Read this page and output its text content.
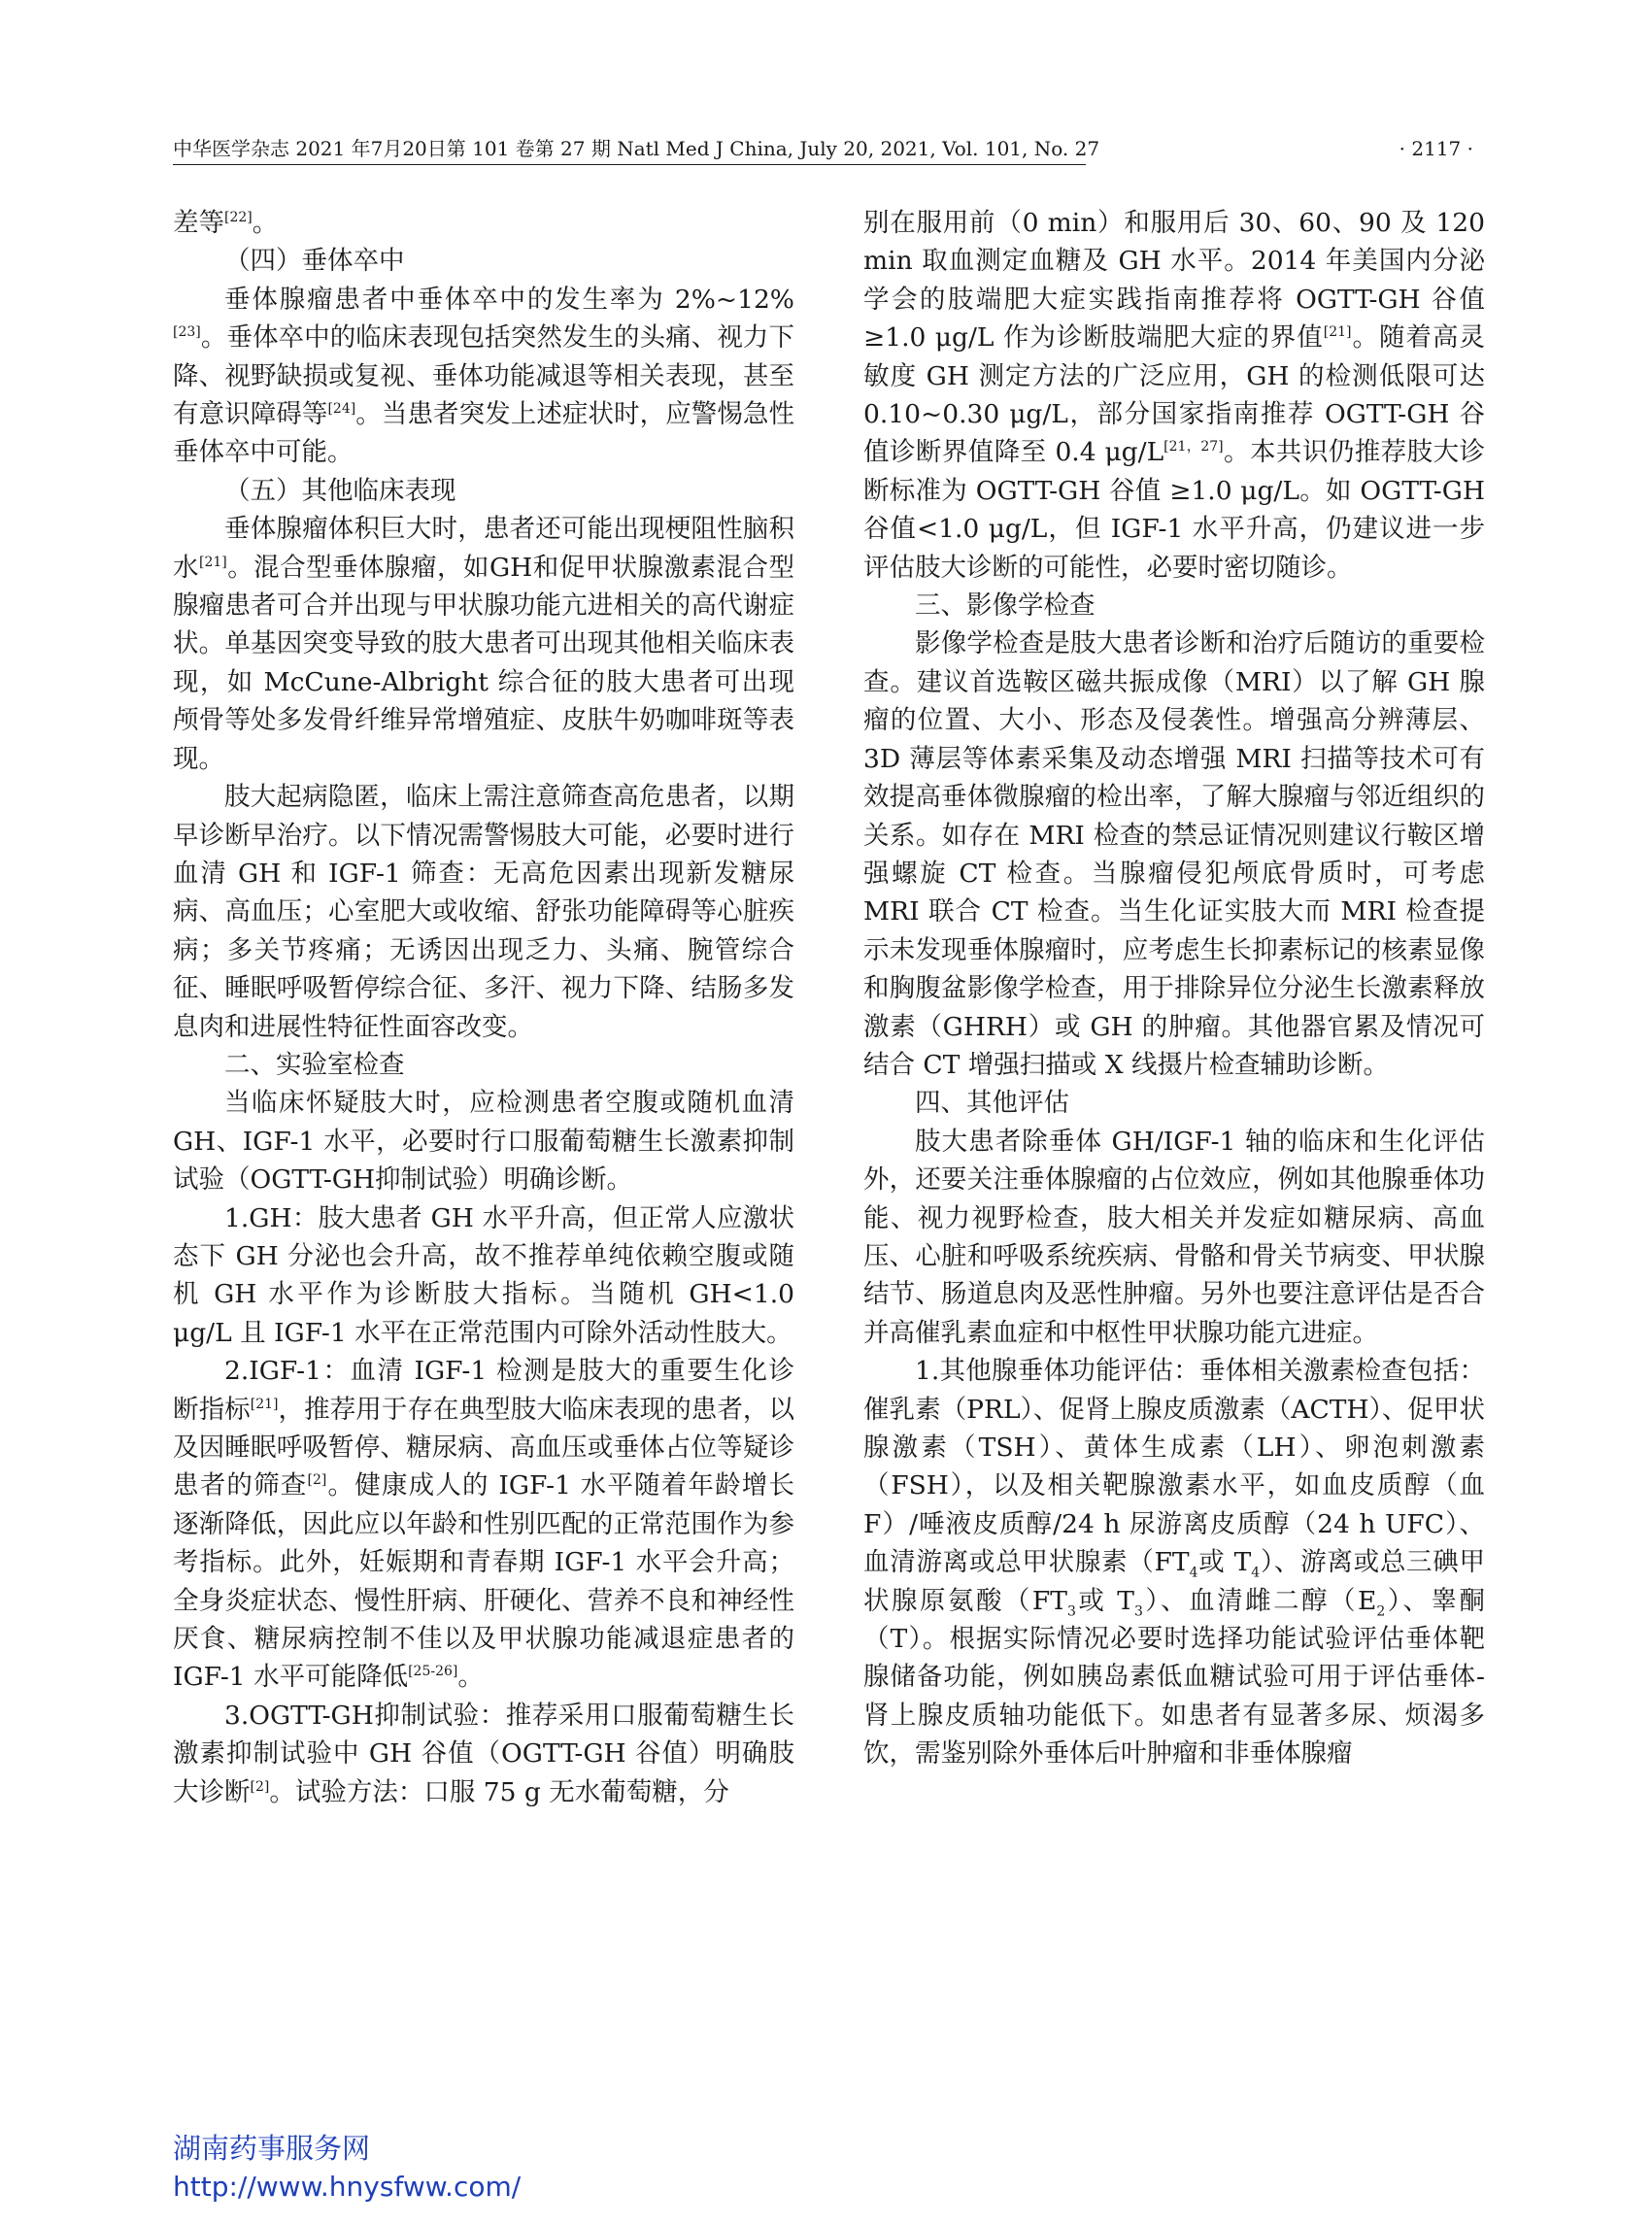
中华医学杂志 2021 年7月20日第 101 卷第 27 期 Natl Med J China, July 20, 2021, Vol. 101, No. 27	· 2117 ·

差等[22]。

（四）垂体卒中

垂体腺瘤患者中垂体卒中的发生率为 2%~12%[23]。垂体卒中的临床表现包括突然发生的头痛、视力下降、视野缺损或复视、垂体功能减退等相关表现，甚至有意识障碍等[24]。当患者突发上述症状时，应警惕急性垂体卒中可能。

（五）其他临床表现

垂体腺瘤体积巨大时，患者还可能出现梗阻性脑积水[21]。混合型垂体腺瘤，如GH和促甲状腺激素混合型腺瘤患者可合并出现与甲状腺功能亢进相关的高代谢症状。单基因突变导致的肢大患者可出现其他相关临床表现，如 McCune-Albright 综合征的肢大患者可出现颅骨等处多发骨纤维异常增殖症、皮肤牛奶咖啡斑等表现。

肢大起病隐匿，临床上需注意筛查高危患者，以期早诊断早治疗。以下情况需警惕肢大可能，必要时进行血清 GH 和 IGF-1 筛查：无高危因素出现新发糖尿病、高血压；心室肥大或收缩、舒张功能障碍等心脏疾病；多关节疼痛；无诱因出现乏力、头痛、腕管综合征、睡眠呼吸暂停综合征、多汗、视力下降、结肠多发息肉和进展性特征性面容改变。

二、实验室检查

当临床怀疑肢大时，应检测患者空腹或随机血清 GH、IGF-1 水平，必要时行口服葡萄糖生长激素抑制试验（OGTT-GH抑制试验）明确诊断。

1.GH：肢大患者 GH 水平升高，但正常人应激状态下 GH 分泌也会升高，故不推荐单纯依赖空腹或随机 GH 水平作为诊断肢大指标。当随机 GH<1.0 μg/L 且 IGF-1 水平在正常范围内可除外活动性肢大。

2.IGF-1：血清 IGF-1 检测是肢大的重要生化诊断指标[21]，推荐用于存在典型肢大临床表现的患者，以及因睡眠呼吸暂停、糖尿病、高血压或垂体占位等疑诊患者的筛查[2]。健康成人的 IGF-1 水平随着年龄增长逐渐降低，因此应以年龄和性别匹配的正常范围作为参考指标。此外，妊娠期和青春期 IGF-1 水平会升高；全身炎症状态、慢性肝病、肝硬化、营养不良和神经性厌食、糖尿病控制不佳以及甲状腺功能减退症患者的 IGF-1 水平可能降低[25-26]。

3.OGTT-GH抑制试验：推荐采用口服葡萄糖生长激素抑制试验中 GH 谷值（OGTT-GH 谷值）明确肢大诊断[2]。试验方法：口服 75 g 无水葡萄糖，分

别在服用前（0 min）和服用后 30、60、90 及 120 min 取血测定血糖及 GH 水平。2014 年美国内分泌学会的肢端肥大症实践指南推荐将 OGTT-GH 谷值≥1.0 μg/L 作为诊断肢端肥大症的界值[21]。随着高灵敏度 GH 测定方法的广泛应用，GH 的检测低限可达 0.10~0.30 μg/L，部分国家指南推荐 OGTT-GH 谷值诊断界值降至 0.4 μg/L[21，27]。本共识仍推荐肢大诊断标准为 OGTT-GH 谷值 ≥1.0 μg/L。如 OGTT-GH 谷值<1.0 μg/L，但 IGF-1 水平升高，仍建议进一步评估肢大诊断的可能性，必要时密切随诊。

三、影像学检查

影像学检查是肢大患者诊断和治疗后随访的重要检查。建议首选鞍区磁共振成像（MRI）以了解 GH 腺瘤的位置、大小、形态及侵袭性。增强高分辨薄层、3D 薄层等体素采集及动态增强 MRI 扫描等技术可有效提高垂体微腺瘤的检出率，了解大腺瘤与邻近组织的关系。如存在 MRI 检查的禁忌证情况则建议行鞍区增强螺旋 CT 检查。当腺瘤侵犯颅底骨质时，可考虑 MRI 联合 CT 检查。当生化证实肢大而 MRI 检查提示未发现垂体腺瘤时，应考虑生长抑素标记的核素显像和胸腹盆影像学检查，用于排除异位分泌生长激素释放激素（GHRH）或 GH 的肿瘤。其他器官累及情况可结合 CT 增强扫描或 X 线摄片检查辅助诊断。

四、其他评估

肢大患者除垂体 GH/IGF-1 轴的临床和生化评估外，还要关注垂体腺瘤的占位效应，例如其他腺垂体功能、视力视野检查，肢大相关并发症如糖尿病、高血压、心脏和呼吸系统疾病、骨骼和骨关节病变、甲状腺结节、肠道息肉及恶性肿瘤。另外也要注意评估是否合并高催乳素血症和中枢性甲状腺功能亢进症。

1.其他腺垂体功能评估：垂体相关激素检查包括：催乳素（PRL）、促肾上腺皮质激素（ACTH）、促甲状腺激素（TSH）、黄体生成素（LH）、卵泡刺激素（FSH），以及相关靶腺激素水平，如血皮质醇（血F）/唾液皮质醇/24 h 尿游离皮质醇（24 h UFC）、血清游离或总甲状腺素（$FT_4$或 $T_4$）、游离或总三碘甲状腺原氨酸（$FT_3$或 $T_3$）、血清雌二醇$(E_2)$、睾酮（T）。根据实际情况必要时选择功能试验评估垂体靶腺储备功能，例如胰岛素低血糖试验可用于评估垂体-肾上腺皮质轴功能低下。如患者有显著多尿、烦渴多饮，需鉴别除外垂体后叶肿瘤和非垂体腺瘤

湖南药事服务网
http://www.hnysfww.com/
